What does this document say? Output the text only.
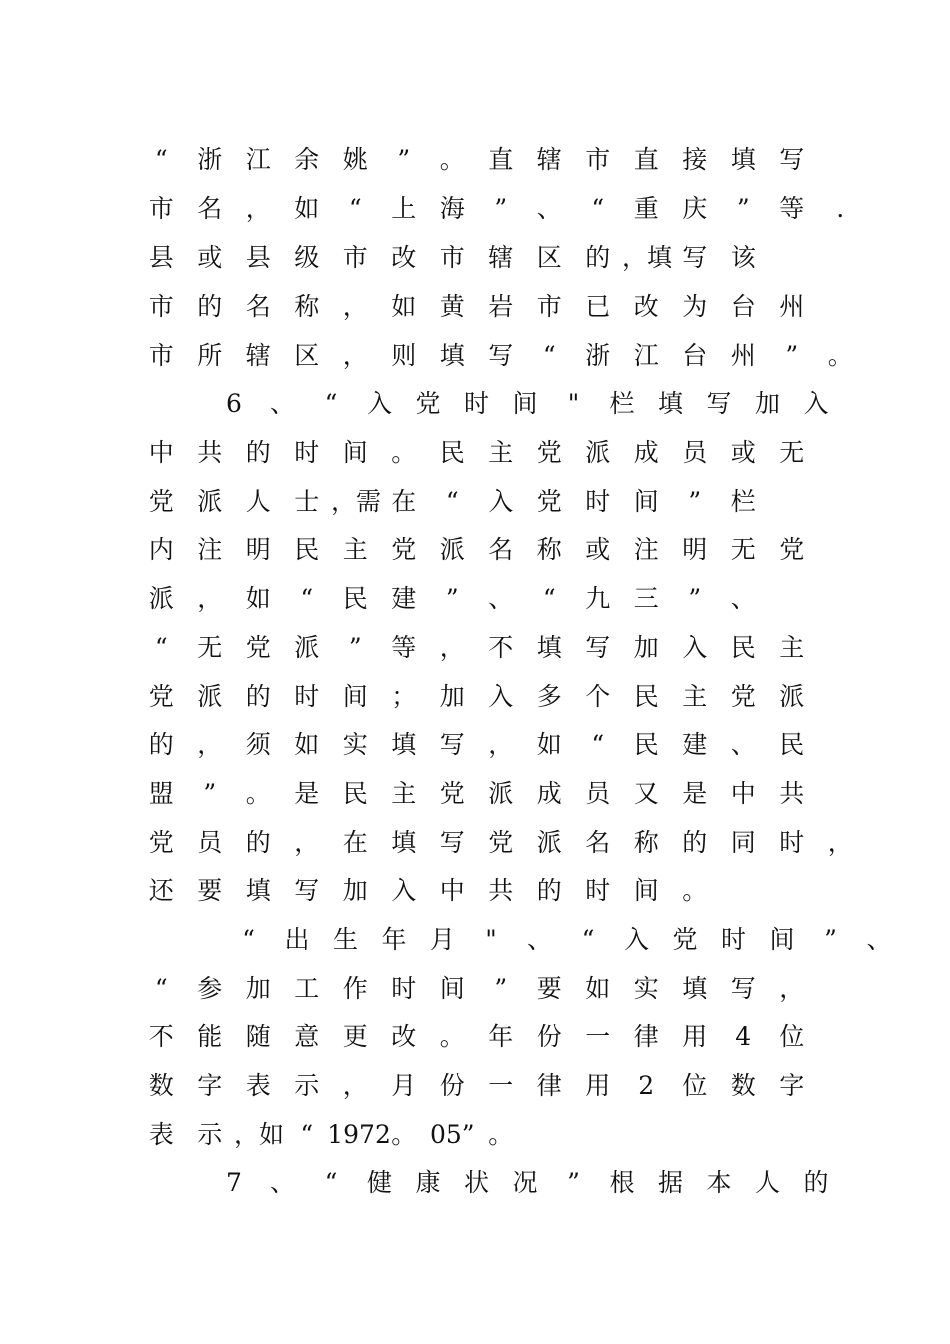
“	浙 江 余 姚	”	。 直 辖 市 直 接 填 写
市 名 ， 如	“	上 海	”	、	“	重 庆	”	等	.
县 或 县 级 市 改 市 辖 区 的 ，填 写 该
市 的 名 称 ， 如 黄 岩 市 已 改 为 台 州
市 所 辖 区 ， 则 填 写	“	浙 江 台 州	”	。
6	、	“	入 党 时 间	"	栏 填 写 加 入
中 共 的 时 间 。 民 主 党 派 成 员 或 无
党 派 人 士 ，需 在	“	入 党 时 间	”	栏
内 注 明 民 主 党 派 名 称 或 注 明 无 党
派 ， 如	“	民 建	”	、	“	九 三	”	、
“	无 党 派	”	等 ， 不 填 写 加 入 民 主
党 派 的 时 间 ； 加 入 多 个 民 主 党 派
的 ， 须 如 实 填 写 ， 如	“	民 建 、 民
盟	”	。 是 民 主 党 派 成 员 又 是 中 共
党 员 的 ， 在 填 写 党 派 名 称 的 同 时 ，
还 要 填 写 加 入 中 共 的 时 间 。
“	出 生 年 月	"	、	“	入 党 时 间	”	、
“	参 加 工 作 时 间	”	要 如 实 填 写 ，
不 能 随 意 更 改 。 年 份 一 律 用	4	位
数 字 表 示 ， 月 份 一 律 用	2	位 数 字
表 示 ，如 “ 1972 。 05” 。
7	、	“	健 康 状 况	”	根 据 本 人 的
